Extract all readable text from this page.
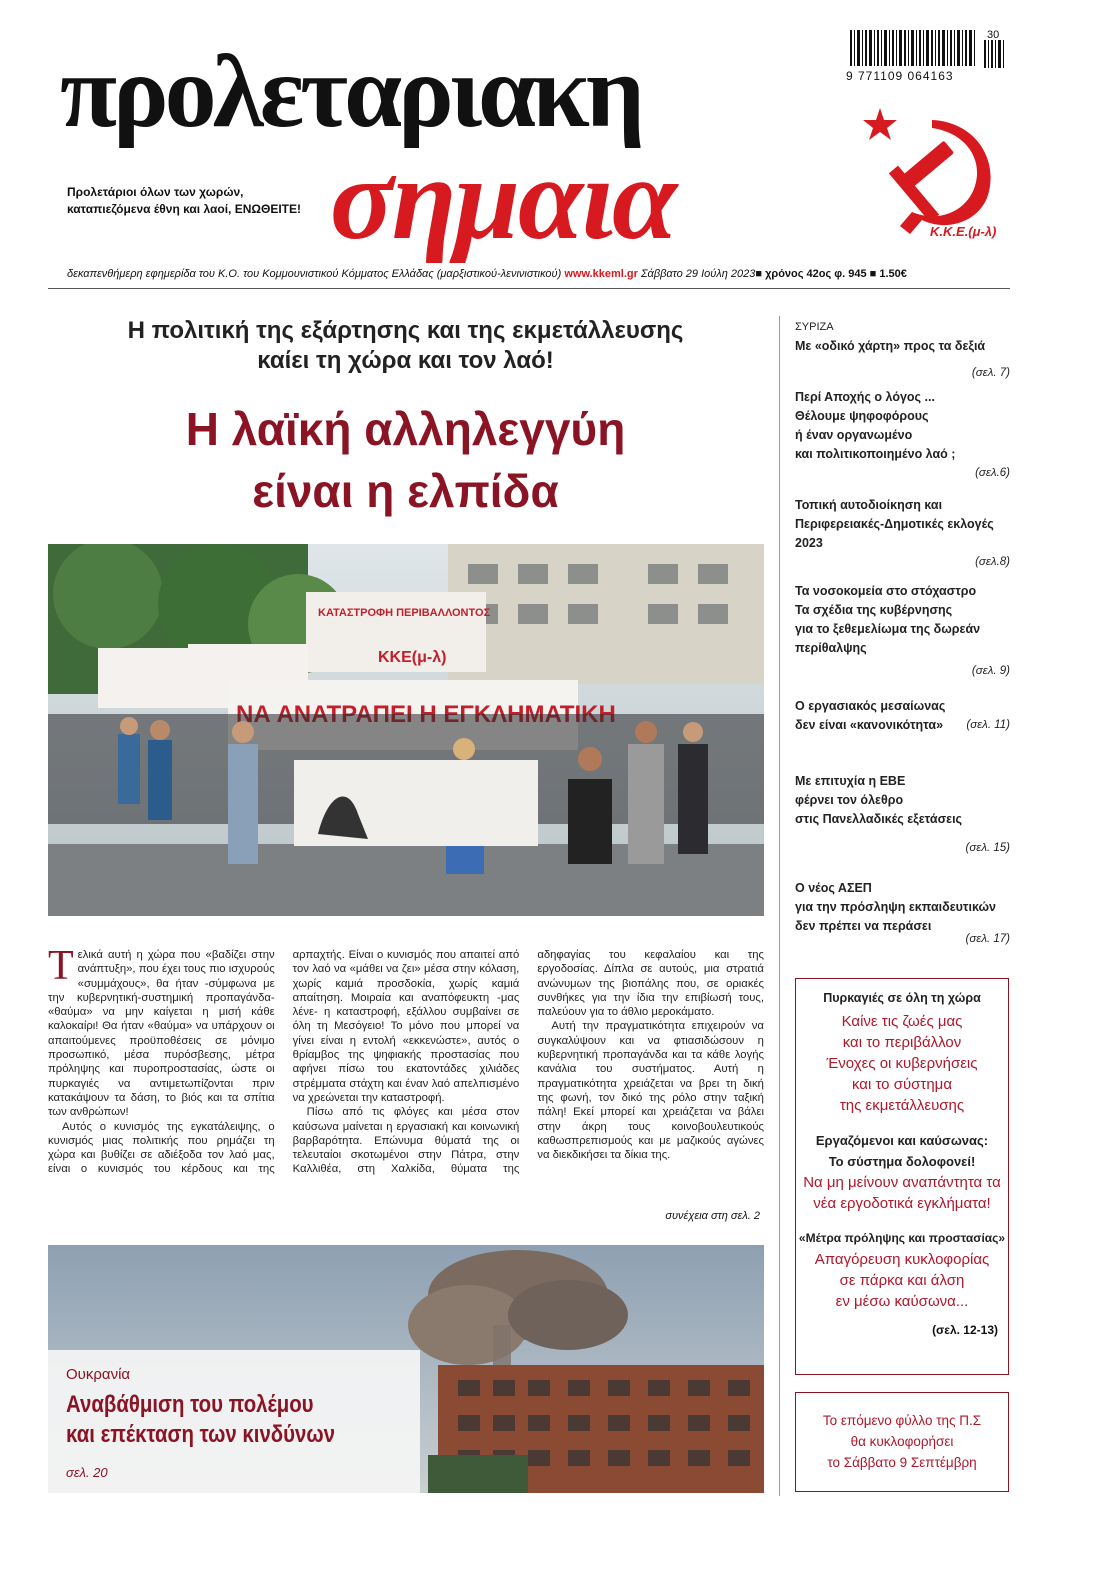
προλεταριακη
σημαια
Προλετάριοι όλων των χωρών,
καταπιεζόμενα έθνη και λαοί, ΕΝΩΘΕΙΤΕ!
30
9 771109 064163
Κ.Κ.Ε.(μ-λ)
δεκαπενθήμερη εφημερίδα του Κ.Ο. του Κομμουνιστικού Κόμματος Ελλάδας (μαρξιστικού-λενινιστικού) www.kkeml.gr Σάββατο 29 Ιούλη 2023■ χρόνος 42ος φ. 945 ■ 1.50€
Η πολιτική της εξάρτησης και της εκμετάλλευσης
καίει τη χώρα και τον λαό!
Η λαϊκή αλληλεγγύη
είναι η ελπίδα
ΚΑΤΑΣΤΡΟΦΗ ΠΕΡΙΒΑΛΛΟΝΤΟΣ
ΚΚΕ(μ-λ)

Τελικά αυτή η χώρα που «βαδίζει στην ανάπτυξη», που έχει τους πιο ισχυρούς «συμμάχους», θα ήταν -σύμφωνα με την κυβερνητική-συστημική προπαγάνδα- «θαύμα» να μην καίγεται η μισή κάθε καλοκαίρι! Θα ήταν «θαύμα» να υπάρχουν οι απαιτούμενες προϋποθέσεις σε μόνιμο προσωπικό, μέσα πυρόσβεσης, μέτρα πρόληψης και πυροπροστασίας, ώστε οι πυρκαγιές να αντιμετωπίζονται πριν κατακάψουν τα δάση, το βιός και τα σπίτια των ανθρώπων!

Αυτός ο κυνισμός της εγκατάλειψης, ο κυνισμός μιας πολιτικής που ρημάζει τη χώρα και βυθίζει σε αδιέξοδα τον λαό μας, είναι ο κυνισμός του κέρδους και της αρπαχτής. Είναι ο κυνισμός που απαιτεί από τον λαό να «μάθει να ζει» μέσα στην κόλαση, χωρίς καμιά προσδοκία, χωρίς καμιά απαίτηση. Μοιραία και αναπόφευκτη -μας λένε- η καταστροφή, εξάλλου συμβαίνει σε όλη τη Μεσόγειο! Το μόνο που μπορεί να γίνει είναι η εντολή «εκκενώστε», αυτός ο θρίαμβος της ψηφιακής προστασίας που αφήνει πίσω του εκατοντάδες χιλιάδες στρέμματα στάχτη και έναν λαό απελπισμένο να χρεώνεται την καταστροφή.

Πίσω από τις φλόγες και μέσα στον καύσωνα μαίνεται η εργασιακή και κοινωνική βαρβαρότητα. Επώνυμα θύματά της οι τελευταίοι σκοτωμένοι στην Πάτρα, στην Καλλιθέα, στη Χαλκίδα, θύματα της αδηφαγίας του κεφαλαίου και της εργοδοσίας. Δίπλα σε αυτούς, μια στρατιά ανώνυμων της βιοπάλης που, σε οριακές συνθήκες για την ίδια την επιβίωσή τους, παλεύουν για το άθλιο μεροκάματο.

Αυτή την πραγματικότητα επιχειρούν να συγκαλύψουν και να φτιασιδώσουν η κυβερνητική προπαγάνδα και τα κάθε λογής κανάλια του συστήματος. Αυτή η πραγματικότητα χρειάζεται να βρει τη δική της φωνή, τον δικό της ρόλο στην ταξική πάλη! Εκεί μπορεί και χρειάζεται να βάλει στην άκρη τους κοινοβουλευτικούς καθωσπρεπισμούς και με μαζικούς αγώνες να διεκδικήσει τα δίκια της.

συνέχεια στη σελ. 2
Ουκρανία
Αναβάθμιση του πολέμου
και επέκταση των κινδύνων
σελ. 20
ΣΥΡΙΖΑ
Με «οδικό χάρτη» προς τα δεξιά
(σελ. 7)
Περί Αποχής ο λόγος ...
Θέλουμε ψηφοφόρους
ή έναν οργανωμένο
και πολιτικοποιημένο λαό ;
(σελ.6)
Τοπική αυτοδιοίκηση και
Περιφερειακές-Δημοτικές εκλογές
2023
(σελ.8)
Τα νοσοκομεία στο στόχαστρο
Τα σχέδια της κυβέρνησης
για το ξεθεμελίωμα της δωρεάν
περίθαλψης
(σελ. 9)
Ο εργασιακός μεσαίωνας
δεν είναι «κανονικότητα»	(σελ. 11)
Με επιτυχία η ΕΒΕ
φέρνει τον όλεθρο
στις Πανελλαδικές εξετάσεις
(σελ. 15)
Ο νέος ΑΣΕΠ
για την πρόσληψη εκπαιδευτικών
δεν πρέπει να περάσει
(σελ. 17)
Πυρκαγιές σε όλη τη χώρα
Καίνε τις ζωές μας
και το περιβάλλον
Ένοχες οι κυβερνήσεις
και το σύστημα
της εκμετάλλευσης
Εργαζόμενοι και καύσωνας:
Το σύστημα δολοφονεί!
Να μη μείνουν αναπάντητα τα
νέα εργοδοτικά εγκλήματα!
«Μέτρα πρόληψης και προστασίας»
Απαγόρευση κυκλοφορίας
σε πάρκα και άλση
εν μέσω καύσωνα...
(σελ. 12-13)
Το επόμενο φύλλο της Π.Σ
θα κυκλοφορήσει
το Σάββατο 9 Σεπτέμβρη
